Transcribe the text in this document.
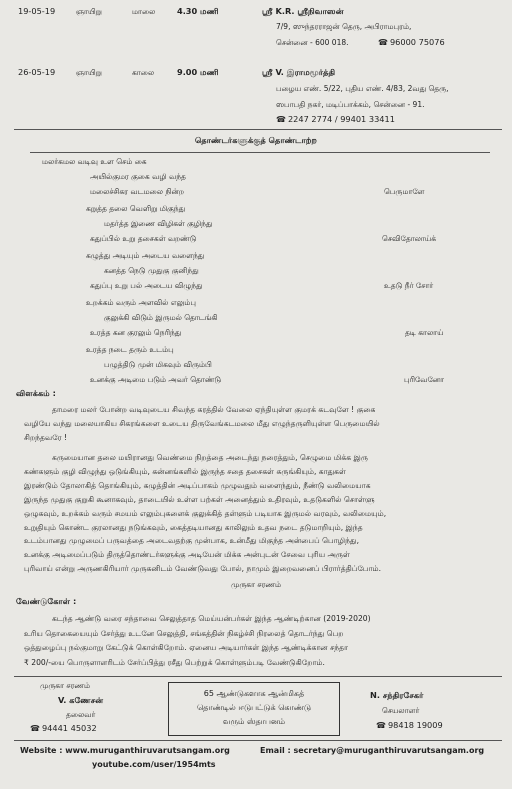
19-05-19	ஞாயிறு	மாலை	4.30 மணி	ஸ்ரீ K.R. ஸ்ரீநிவாஸன்
7/9, ஸுந்தரராஜன் தெரு, அபிராமபுரம்,
சென்னை - 600 018.	☎ 96000 75076
26-05-19	ஞாயிறு	காலை	9.00 மணி	ஸ்ரீ V. இராமமூர்த்தி
பழைய எண். 5/22, புதிய எண். 4/83, 2வது தெரு,
ஸபாபதி நகர், மடிப்பாக்கம், சென்னை - 91.
☎ 2247 2774 / 99401 33411
தொண்டர்களுக்குத் தொண்டாற்ற
மலர்கமல வடிவு உள செம் கை
அயில்குமர குகை வழி வந்த
மலைச்சிகர வடமலை நின்ற	பெருமாளே
கறுத்த தலை வெளிறு மிகுந்து
மதர்த்த இணை விழிகள் குழிந்து
கதுப்பில் உறு தசைகள் வறண்டு	செவிதோலாய்க்
கழுத்து அடியும் அடைய வளைந்து
கனத்த நெடு முதுகு குனிந்து
கதுப்பு உறு பல் அடைய விழுந்து	உதடு நீர் சோர்
உறக்கம் வரும் அளவில் எலும்பு
குலுக்கி விடும் இருமல் தொடங்கி
உரத்த கன குரலும் நெரிந்து	தடி காலாய்
உரத்த நடை தரும் உடம்பு
பழுத்திடு முன் மிகவும் விரும்பி
உனக்கு அடிமை படும் அவர் தொண்டு	புரிவேனோ
விளக்கம் :
தாமரை மலர் போன்ற வடிவுடைய சிவந்த கரத்தில் வேலை ஏந்தியுள்ள குமரக் கடவுளே ! குகை
வழியே வந்து மலையாகிய சிகரங்களை உடைய திருவேங்கடமலை மீது எழுந்தருளியுள்ள பெருமையில்
சிறந்தவரே !
கருமையான தலை மயிரானது வெண்மை நிறத்தை அடைந்து நரைத்தும், செழுமை மிக்க இரு
கண்களும் குழி விழுந்து ஒடுங்கியும், கன்னங்களில் இருந்த சதை தசைகள் சுருங்கியும், காதுகள்
இரண்டும் தோலாகித் தொங்கியும், கழுத்தின் அடிப்பாகம் முழுவதும் வளைந்தும், நீண்டு வலிமையாக
இருந்த முதுகு குறுகி கூனாகவும், தாடையில் உள்ள பற்கள் அனைத்தும் உதிரவும், உதடுகளில் சொள்ளு
ஒழுகவும், உறக்கம் வரும் சமயம் எலும்புகளைக் குலுக்கித் தள்ளும் படியாக இருமல் வரவும், வலிமையும்,
உறுதியும் கொண்ட குரலானது நடுங்கவும், கைத்தடியானது காலிலும் உதவ நடை தடுமாறியும், இந்த
உடம்பானது முழுமைப் பருவத்தை அடைவதற்கு முன்பாக, உன்மீது மிகுந்த அன்பைப் பொழிந்து,
உனக்கு அடிமைப்படும் திருத்தொண்டர்களுக்கு அடியேன் மிக்க அன்புடன் சேவை புரிய அருள்
புரிவாய் என்று அருணகிரியார் முருகனிடம் வேண்டுவது போல், நாமும் இறைவனைப் பிரார்த்திப்போம்.
முருகா சரணம்
வேண்டுகோள் :
கடந்த ஆண்டு வரை சந்தாவை செலுத்தாத மெய்யன்பர்கள் இந்த ஆண்டிற்கான (2019-2020)
உரிய தொகையையும் சேர்த்து உடனே செலுத்தி, சங்கத்தின் நிகழ்ச்சி நிரலைத் தொடர்ந்து பெற
ஒத்துழைப்பு நல்குமாறு கேட்டுக் கொள்கிறோம். ஏனைய அடியார்கள் இந்த ஆண்டிக்கான சந்தா
₹ 200/-யை பொருளாளரிடம் சேர்ப்பித்து ரசீது பெற்றுக் கொள்ளும்படி வேண்டுகிறோம்.
முருகா சரணம்
V. கணேசன்
தலைவர்
☎ 94441 45032
65 ஆண்டுகளாக ஆன்மிகத்
தொண்டில் ஈடுபட்டுக் கொண்டு
வரும் ஸ்தாபனம்
N. சந்திரசேகர்
செயலாளர்
☎ 98418 19009
Website : www.muruganthiruvarutsangam.org
youtube.com/user/1954mts
Email : secretary@muruganthiruvarutsangam.org
